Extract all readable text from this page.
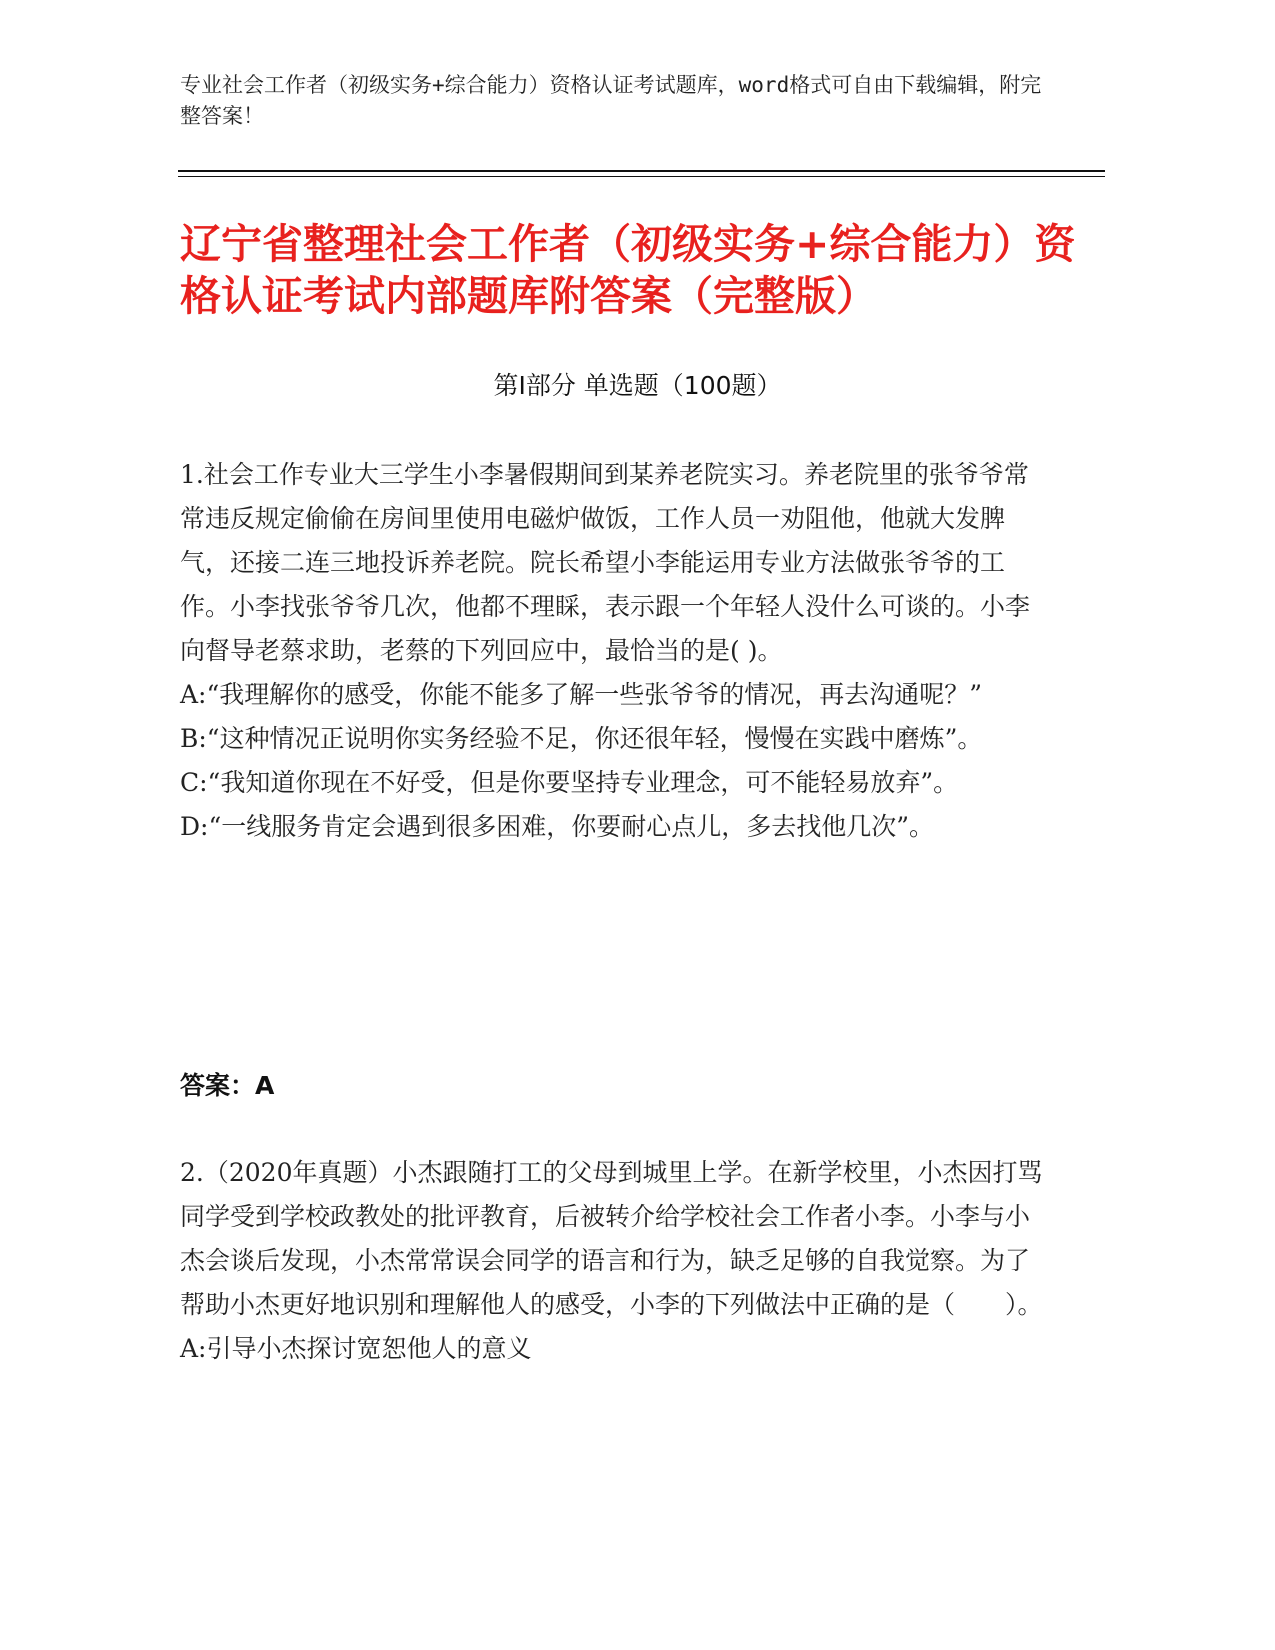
专业社会工作者（初级实务+综合能力）资格认证考试题库，word格式可自由下载编辑，附完整答案！
辽宁省整理社会工作者（初级实务+综合能力）资格认证考试内部题库附答案（完整版）
第Ⅰ部分 单选题（100题）

1.社会工作专业大三学生小李暑假期间到某养老院实习。养老院里的张爷爷常常违反规定偷偷在房间里使用电磁炉做饭，工作人员一劝阻他，他就大发脾气，还接二连三地投诉养老院。院长希望小李能运用专业方法做张爷爷的工作。小李找张爷爷几次，他都不理睬，表示跟一个年轻人没什么可谈的。小李向督导老蔡求助，老蔡的下列回应中，最恰当的是( )。

A:“我理解你的感受，你能不能多了解一些张爷爷的情况，再去沟通呢？”

B:“这种情况正说明你实务经验不足，你还很年轻，慢慢在实践中磨炼”。

C:“我知道你现在不好受，但是你要坚持专业理念，可不能轻易放弃”。

D:“一线服务肯定会遇到很多困难，你要耐心点儿，多去找他几次”。

答案：A

2.（2020年真题）小杰跟随打工的父母到城里上学。在新学校里，小杰因打骂同学受到学校政教处的批评教育，后被转介给学校社会工作者小李。小李与小杰会谈后发现，小杰常常误会同学的语言和行为，缺乏足够的自我觉察。为了帮助小杰更好地识别和理解他人的感受，小李的下列做法中正确的是（　　）。

A:引导小杰探讨宽恕他人的意义
